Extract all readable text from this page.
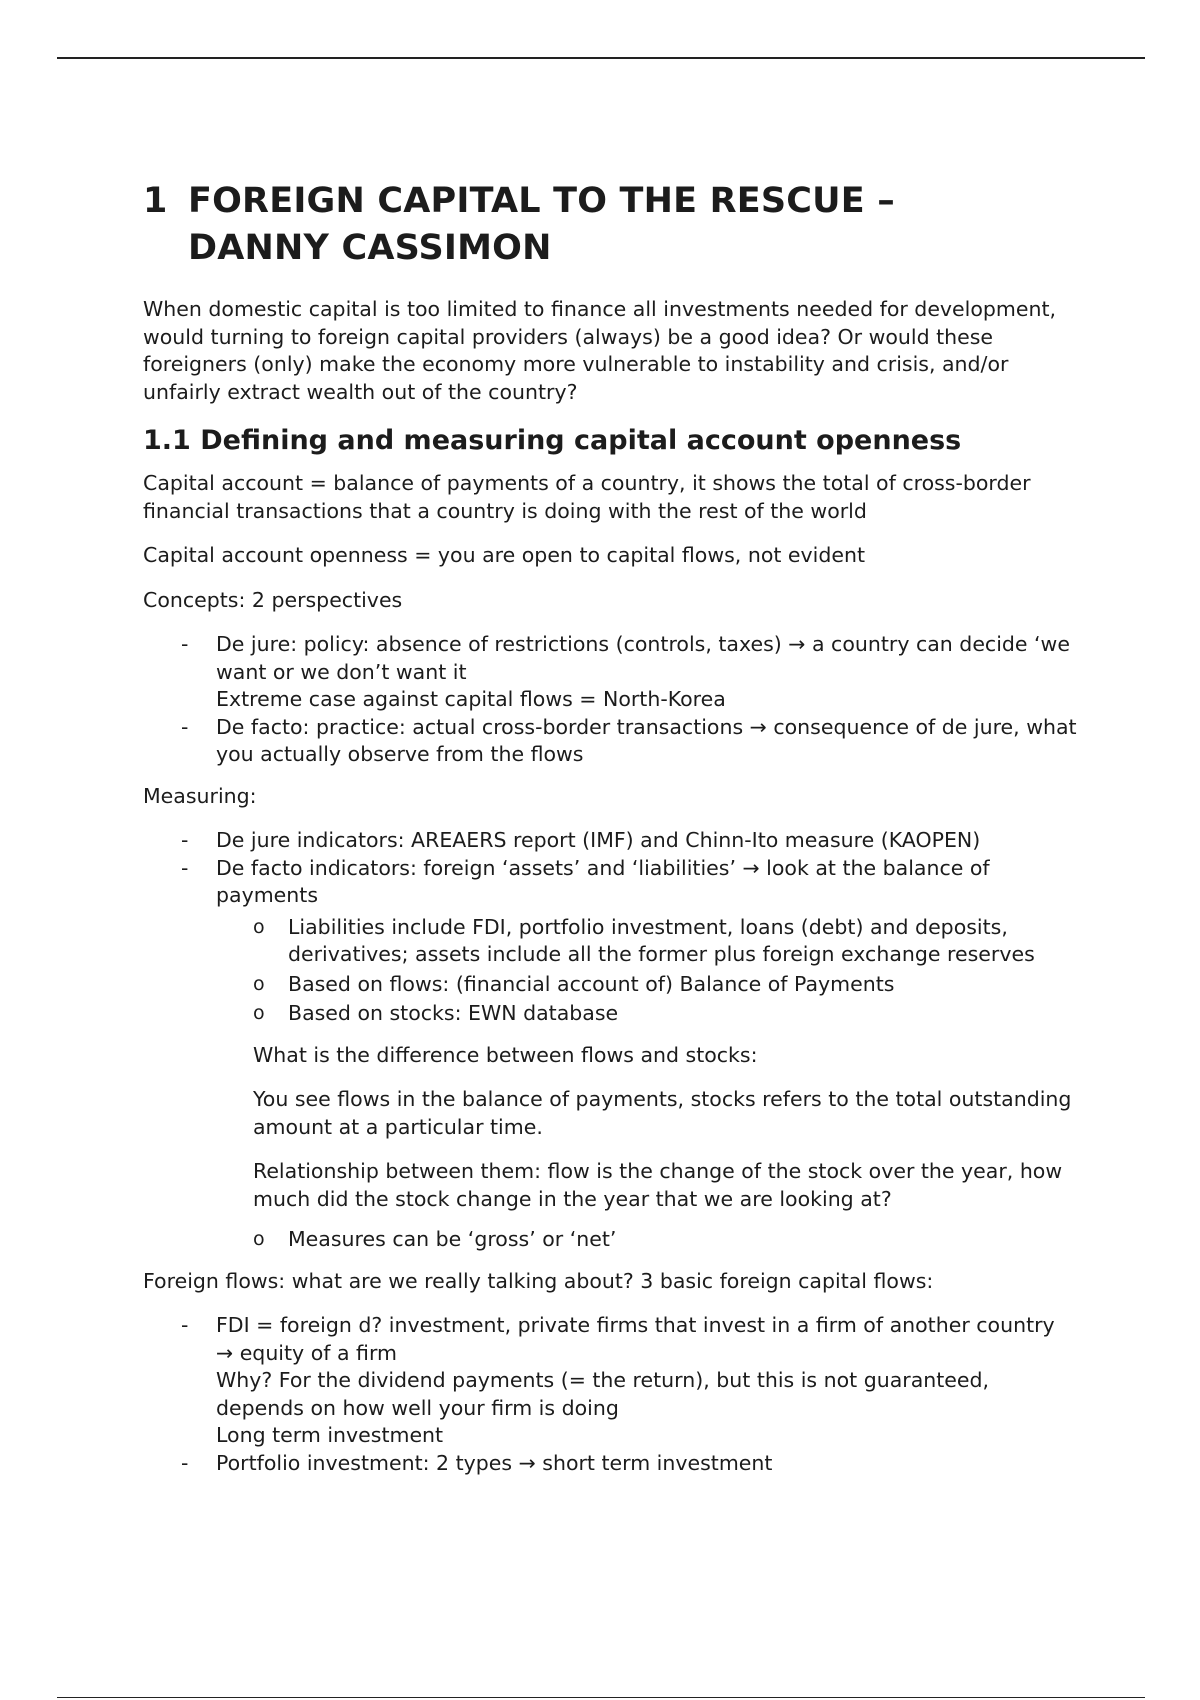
1 FOREIGN CAPITAL TO THE RESCUE –
DANNY CASSIMON

When domestic capital is too limited to finance all investments needed for development, would turning to foreign capital providers (always) be a good idea? Or would these foreigners (only) make the economy more vulnerable to instability and crisis, and/or unfairly extract wealth out of the country?

1.1 Defining and measuring capital account openness

Capital account = balance of payments of a country, it shows the total of cross-border financial transactions that a country is doing with the rest of the world

Capital account openness = you are open to capital flows, not evident

Concepts: 2 perspectives

- De jure: policy: absence of restrictions (controls, taxes) → a country can decide ‘we want or we don’t want it
Extreme case against capital flows = North-Korea
- De facto: practice: actual cross-border transactions → consequence of de jure, what you actually observe from the flows

Measuring:

- De jure indicators: AREAERS report (IMF) and Chinn-Ito measure (KAOPEN)
- De facto indicators: foreign ‘assets’ and ‘liabilities’ → look at the balance of payments
o Liabilities include FDI, portfolio investment, loans (debt) and deposits, derivatives; assets include all the former plus foreign exchange reserves
o Based on flows: (financial account of) Balance of Payments
o Based on stocks: EWN database

What is the difference between flows and stocks:

You see flows in the balance of payments, stocks refers to the total outstanding amount at a particular time.

Relationship between them: flow is the change of the stock over the year, how much did the stock change in the year that we are looking at?

o Measures can be ‘gross’ or ‘net’

Foreign flows: what are we really talking about? 3 basic foreign capital flows:

- FDI = foreign d? investment, private firms that invest in a firm of another country → equity of a firm
Why? For the dividend payments (= the return), but this is not guaranteed, depends on how well your firm is doing
Long term investment
- Portfolio investment: 2 types → short term investment
